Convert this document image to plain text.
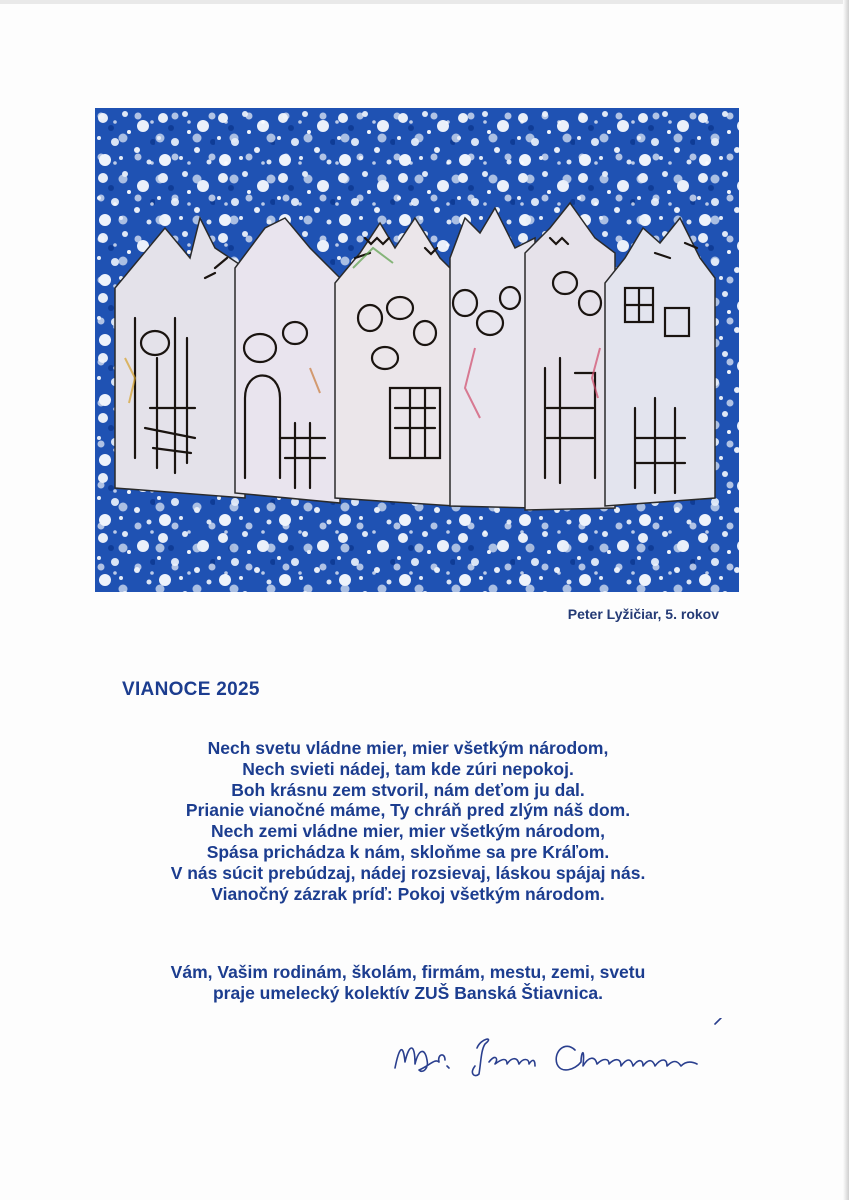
Peter Lyžičiar, 5. rokov
VIANOCE 2025
Nech svetu vládne mier, mier všetkým národom,
Nech svieti nádej, tam kde zúri nepokoj.
Boh krásnu zem stvoril, nám deťom ju dal.
Prianie vianočné máme, Ty chráň pred zlým náš dom.
Nech zemi vládne mier, mier všetkým národom,
Spása prichádza k nám, skloňme sa pre Kráľom.
V nás súcit prebúdzaj, nádej rozsievaj, láskou spájaj nás.
Vianočný zázrak príď: Pokoj všetkým národom.
Vám, Vašim rodinám, školám, firmám, mestu, zemi, svetu
praje umelecký kolektív ZUŠ Banská Štiavnica.
